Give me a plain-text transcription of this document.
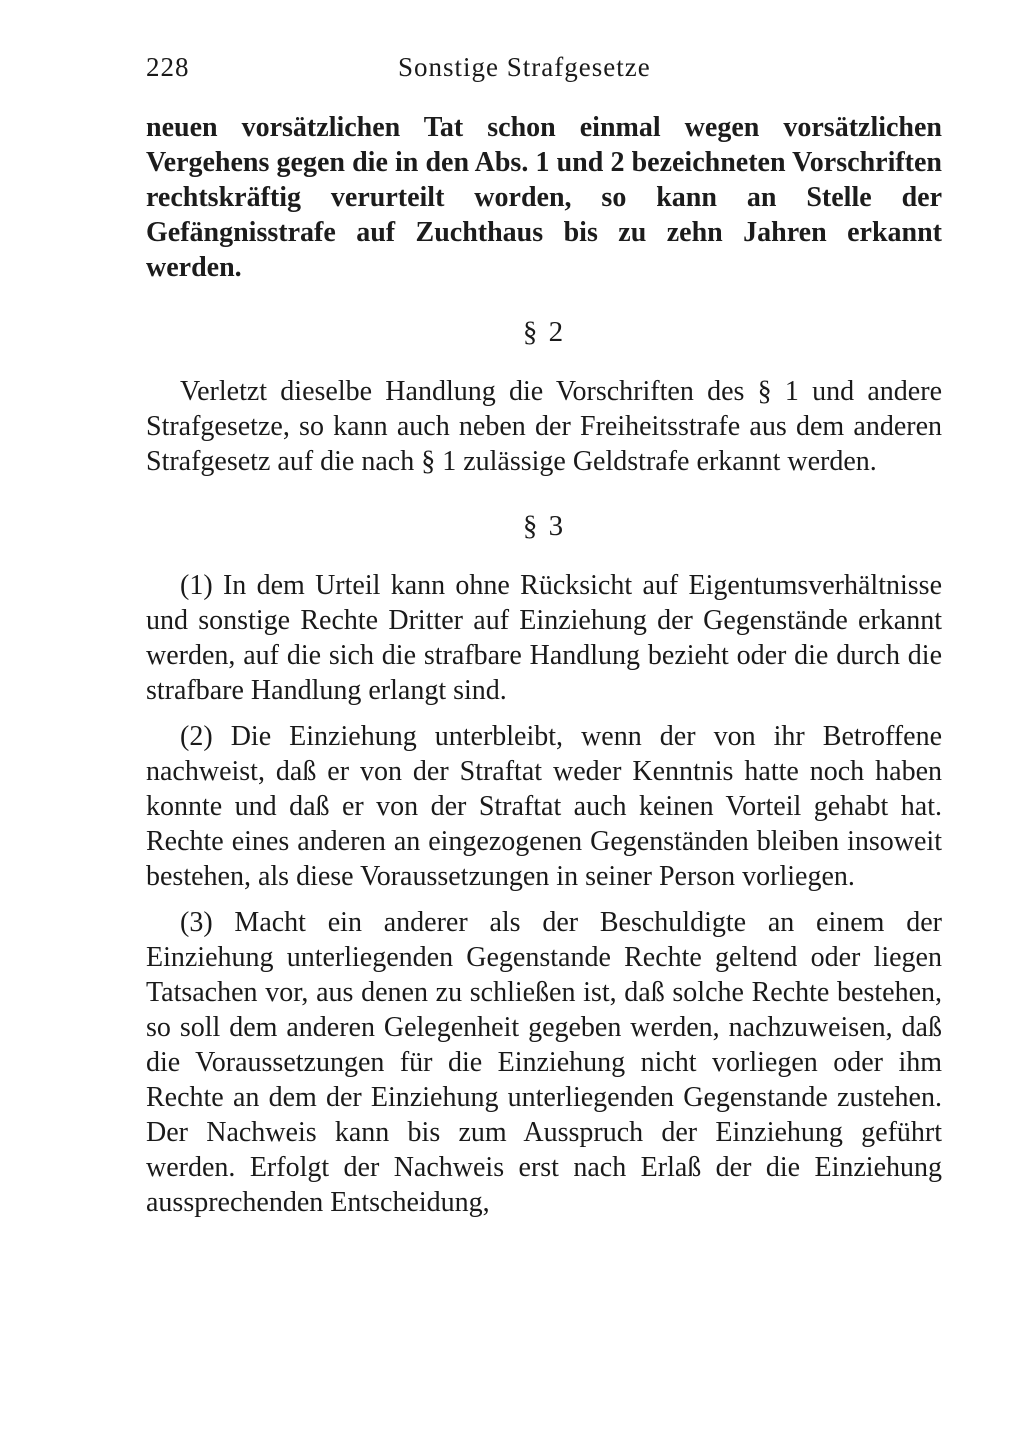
228	Sonstige Strafgesetze

neuen vorsätzlichen Tat schon einmal wegen vorsätzlichen Vergehens gegen die in den Abs. 1 und 2 bezeichneten Vorschriften rechtskräftig verurteilt worden, so kann an Stelle der Gefängnisstrafe auf Zuchthaus bis zu zehn Jahren erkannt werden.

§ 2

Verletzt dieselbe Handlung die Vorschriften des § 1 und andere Strafgesetze, so kann auch neben der Freiheitsstrafe aus dem anderen Strafgesetz auf die nach § 1 zulässige Geldstrafe erkannt werden.

§ 3

(1) In dem Urteil kann ohne Rücksicht auf Eigentumsverhältnisse und sonstige Rechte Dritter auf Einziehung der Gegenstände erkannt werden, auf die sich die strafbare Handlung bezieht oder die durch die strafbare Handlung erlangt sind.

(2) Die Einziehung unterbleibt, wenn der von ihr Betroffene nachweist, daß er von der Straftat weder Kenntnis hatte noch haben konnte und daß er von der Straftat auch keinen Vorteil gehabt hat. Rechte eines anderen an eingezogenen Gegenständen bleiben insoweit bestehen, als diese Voraussetzungen in seiner Person vorliegen.

(3) Macht ein anderer als der Beschuldigte an einem der Einziehung unterliegenden Gegenstande Rechte geltend oder liegen Tatsachen vor, aus denen zu schließen ist, daß solche Rechte bestehen, so soll dem anderen Gelegenheit gegeben werden, nachzuweisen, daß die Voraussetzungen für die Einziehung nicht vorliegen oder ihm Rechte an dem der Einziehung unterliegenden Gegenstande zustehen. Der Nachweis kann bis zum Ausspruch der Einziehung geführt werden. Erfolgt der Nachweis erst nach Erlaß der die Einziehung aussprechenden Entscheidung,
